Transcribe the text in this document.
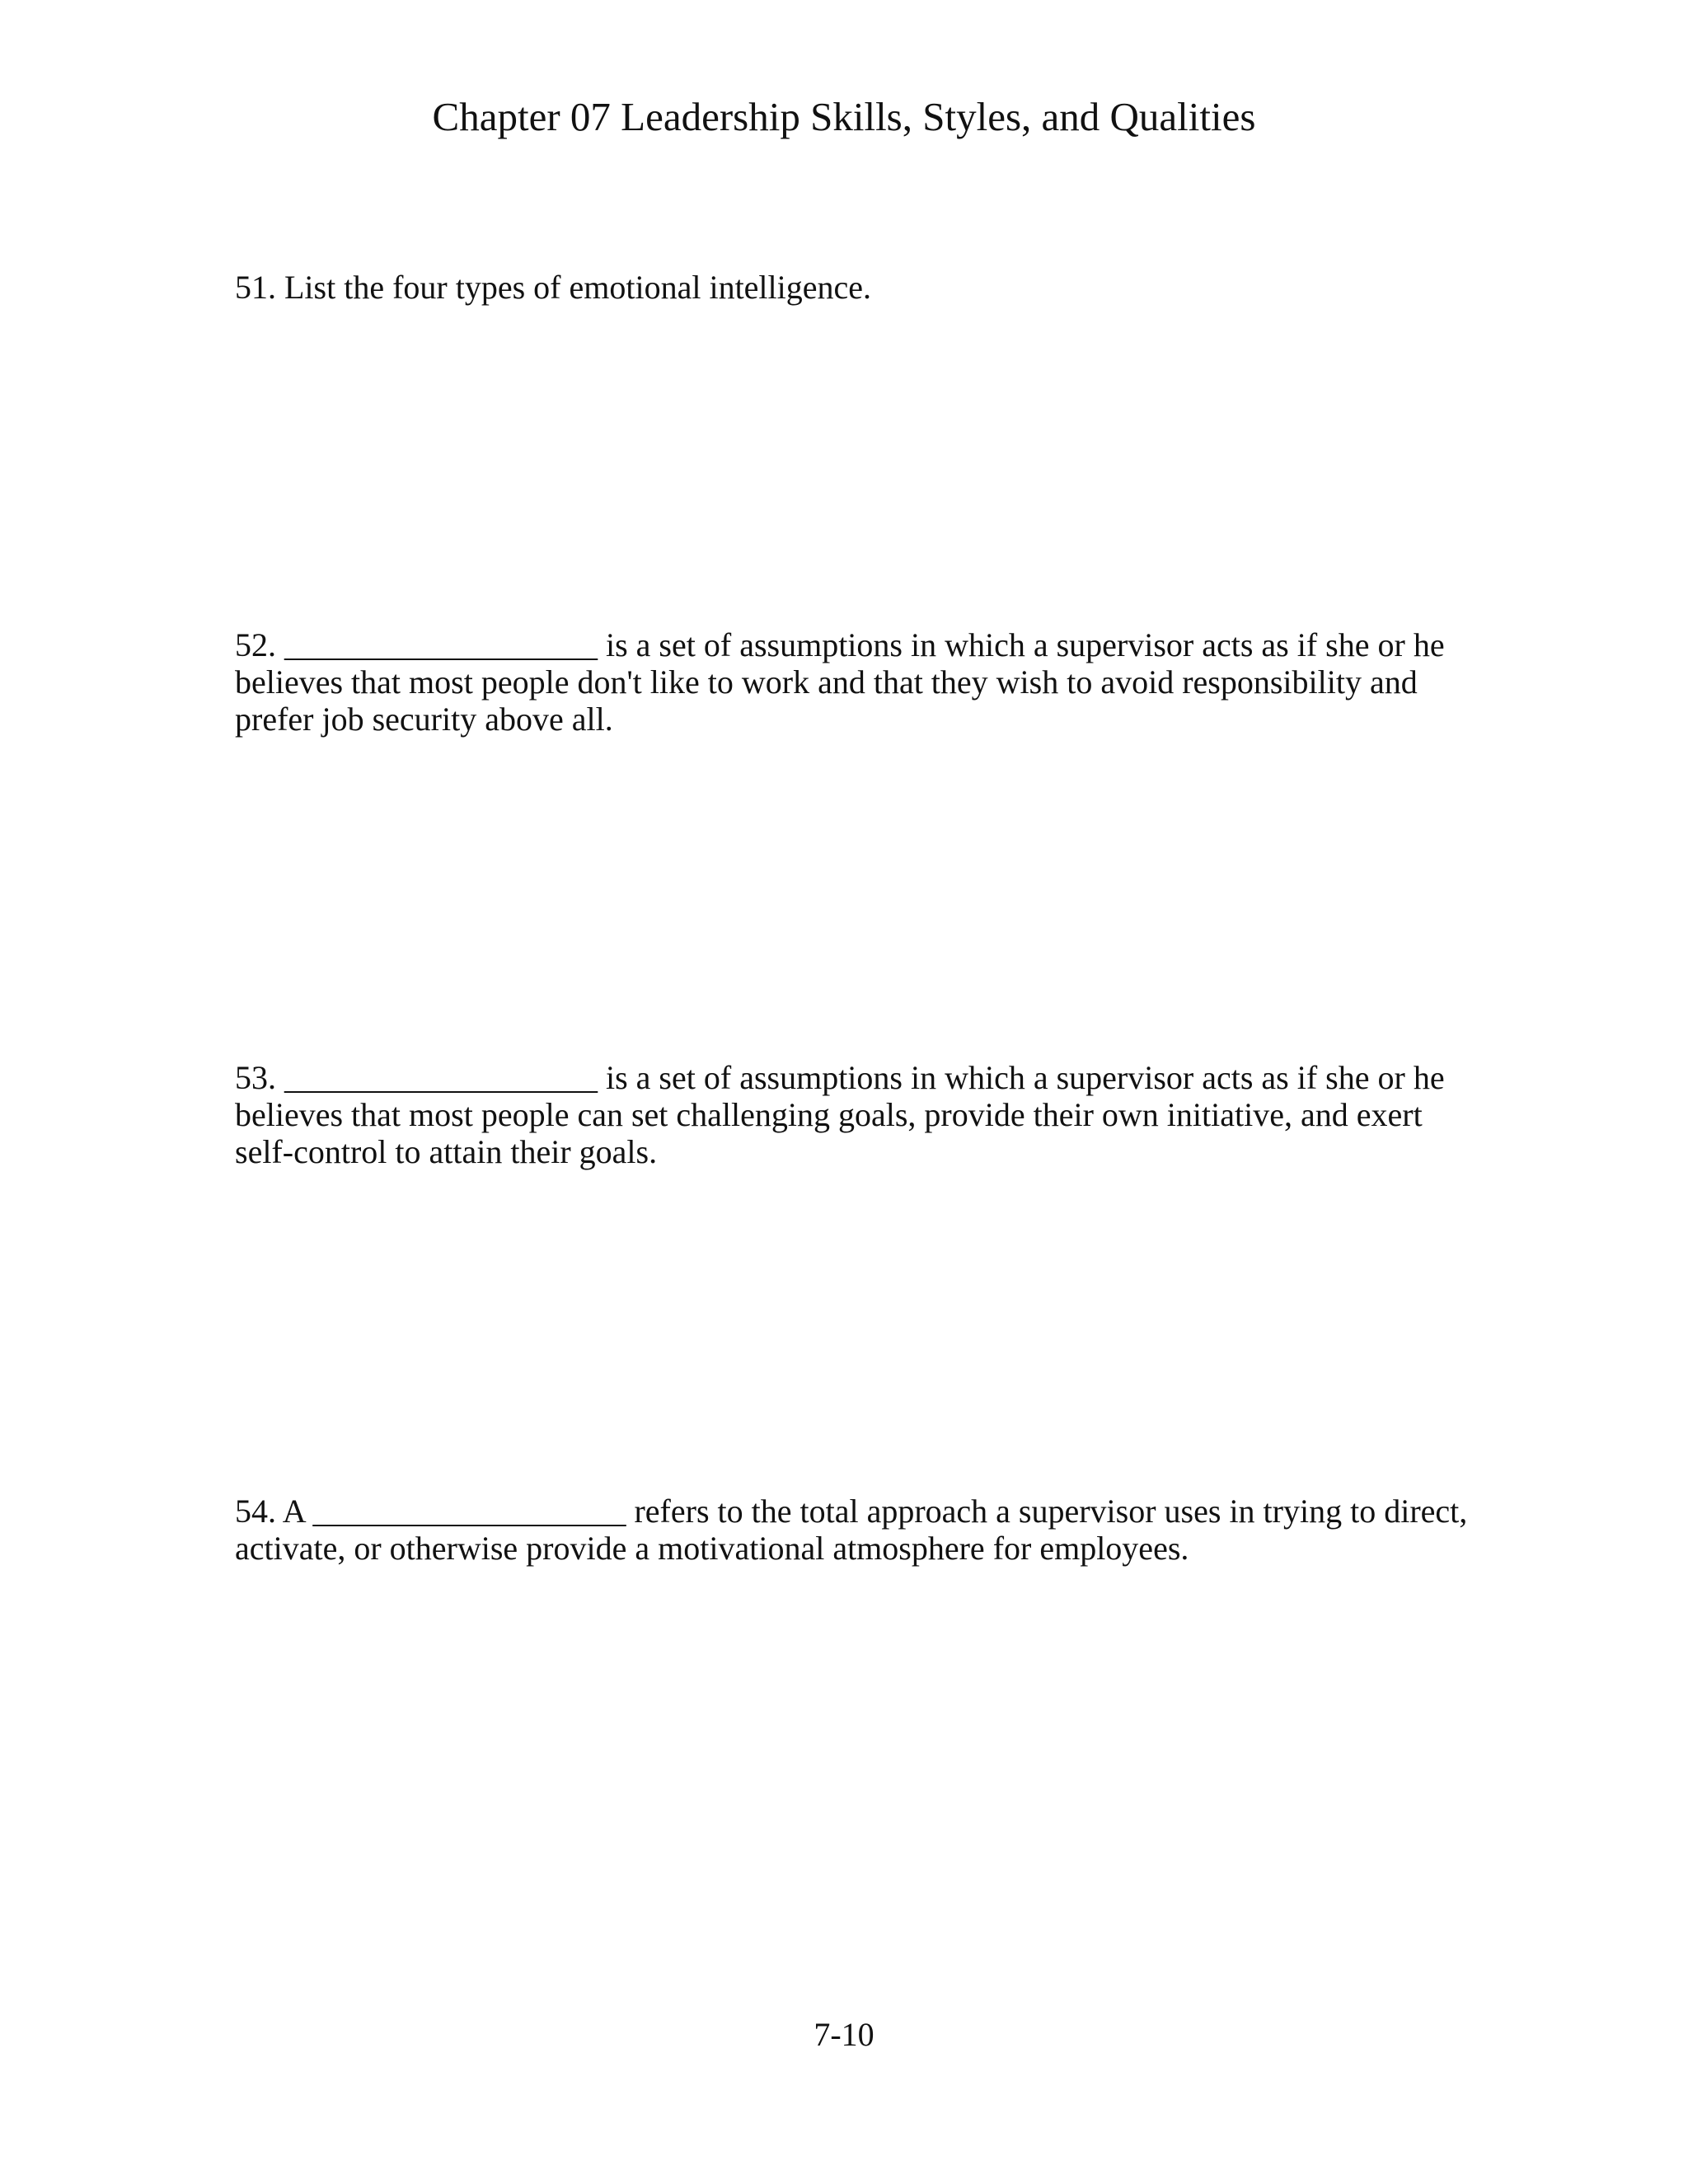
Chapter 07 Leadership Skills, Styles, and Qualities
51. List the four types of emotional intelligence.
52. ___________________ is a set of assumptions in which a supervisor acts as if she or he
believes that most people don't like to work and that they wish to avoid responsibility and
prefer job security above all.
53. ___________________ is a set of assumptions in which a supervisor acts as if she or he
believes that most people can set challenging goals, provide their own initiative, and exert
self-control to attain their goals.
54. A ___________________ refers to the total approach a supervisor uses in trying to direct,
activate, or otherwise provide a motivational atmosphere for employees.
7-10
